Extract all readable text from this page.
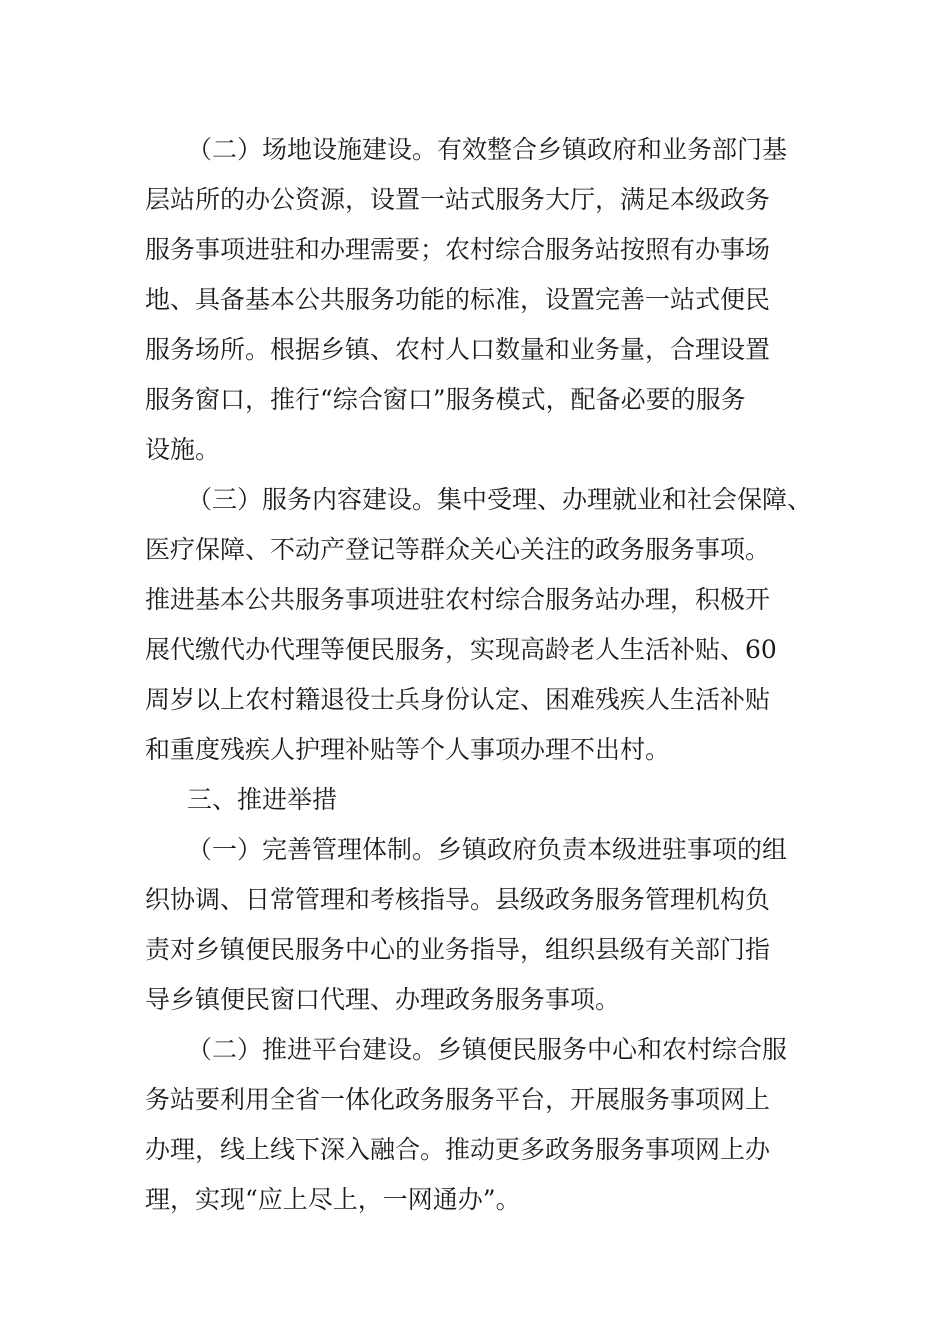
（二）场地设施建设。有效整合乡镇政府和业务部门基

层站所的办公资源，设置一站式服务大厅，满足本级政务

服务事项进驻和办理需要；农村综合服务站按照有办事场

地、具备基本公共服务功能的标准，设置完善一站式便民

服务场所。根据乡镇、农村人口数量和业务量，合理设置

服务窗口，推行“综合窗口”服务模式，配备必要的服务

设施。

（三）服务内容建设。集中受理、办理就业和社会保障、

医疗保障、不动产登记等群众关心关注的政务服务事项。

推进基本公共服务事项进驻农村综合服务站办理，积极开

展代缴代办代理等便民服务，实现高龄老人生活补贴、60

周岁以上农村籍退役士兵身份认定、困难残疾人生活补贴

和重度残疾人护理补贴等个人事项办理不出村。

三、推进举措

（一）完善管理体制。乡镇政府负责本级进驻事项的组

织协调、日常管理和考核指导。县级政务服务管理机构负

责对乡镇便民服务中心的业务指导，组织县级有关部门指

导乡镇便民窗口代理、办理政务服务事项。

（二）推进平台建设。乡镇便民服务中心和农村综合服

务站要利用全省一体化政务服务平台，开展服务事项网上

办理，线上线下深入融合。推动更多政务服务事项网上办

理，实现“应上尽上，一网通办”。
